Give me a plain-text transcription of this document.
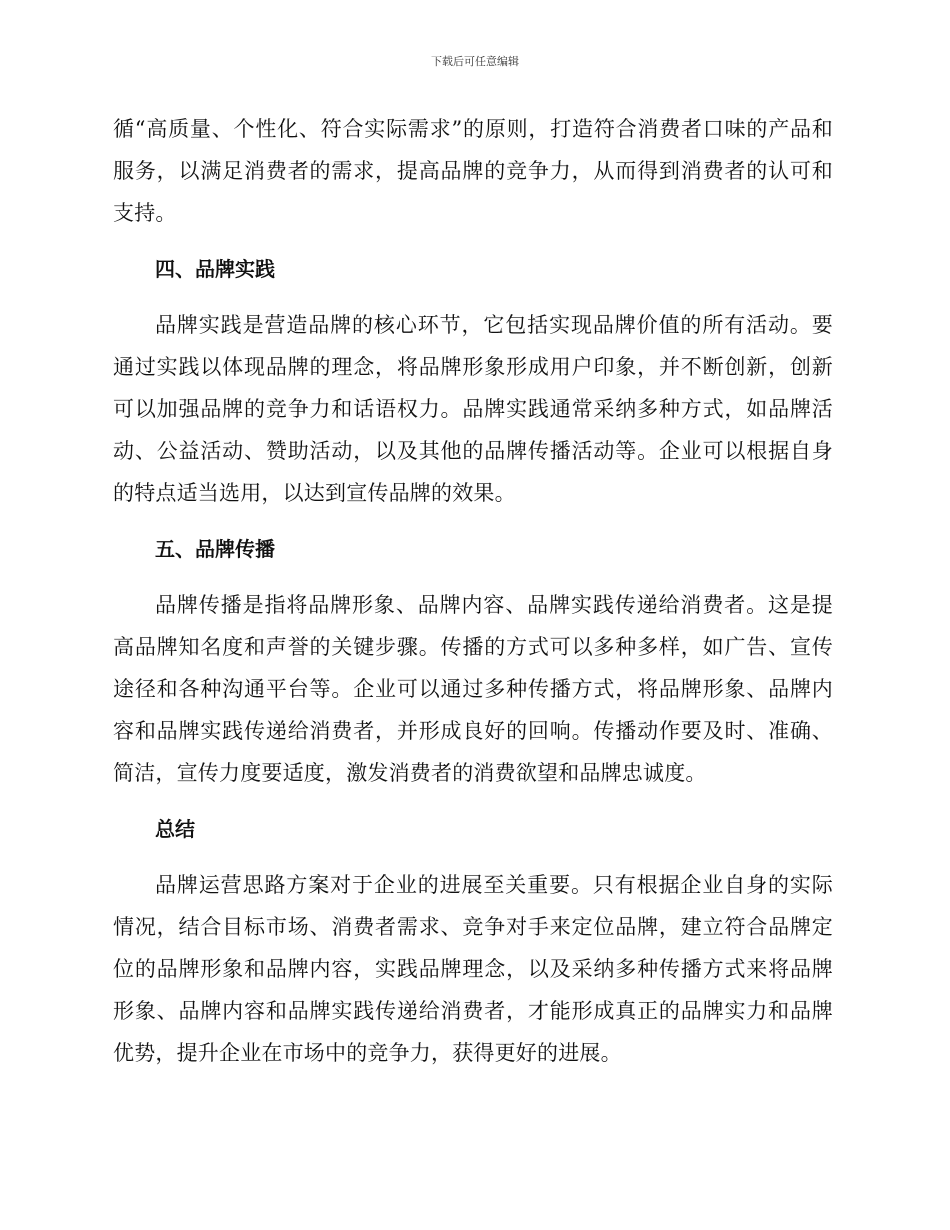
下载后可任意编辑

循“高质量、个性化、符合实际需求”的原则，打造符合消费者口味的产品和服务，以满足消费者的需求，提高品牌的竞争力，从而得到消费者的认可和支持。

四、品牌实践

品牌实践是营造品牌的核心环节，它包括实现品牌价值的所有活动。要通过实践以体现品牌的理念，将品牌形象形成用户印象，并不断创新，创新可以加强品牌的竞争力和话语权力。品牌实践通常采纳多种方式，如品牌活动、公益活动、赞助活动，以及其他的品牌传播活动等。企业可以根据自身的特点适当选用，以达到宣传品牌的效果。

五、品牌传播

品牌传播是指将品牌形象、品牌内容、品牌实践传递给消费者。这是提高品牌知名度和声誉的关键步骤。传播的方式可以多种多样，如广告、宣传途径和各种沟通平台等。企业可以通过多种传播方式，将品牌形象、品牌内容和品牌实践传递给消费者，并形成良好的回响。传播动作要及时、准确、简洁，宣传力度要适度，激发消费者的消费欲望和品牌忠诚度。

总结

品牌运营思路方案对于企业的进展至关重要。只有根据企业自身的实际情况，结合目标市场、消费者需求、竞争对手来定位品牌，建立符合品牌定位的品牌形象和品牌内容，实践品牌理念，以及采纳多种传播方式来将品牌形象、品牌内容和品牌实践传递给消费者，才能形成真正的品牌实力和品牌优势，提升企业在市场中的竞争力，获得更好的进展。
